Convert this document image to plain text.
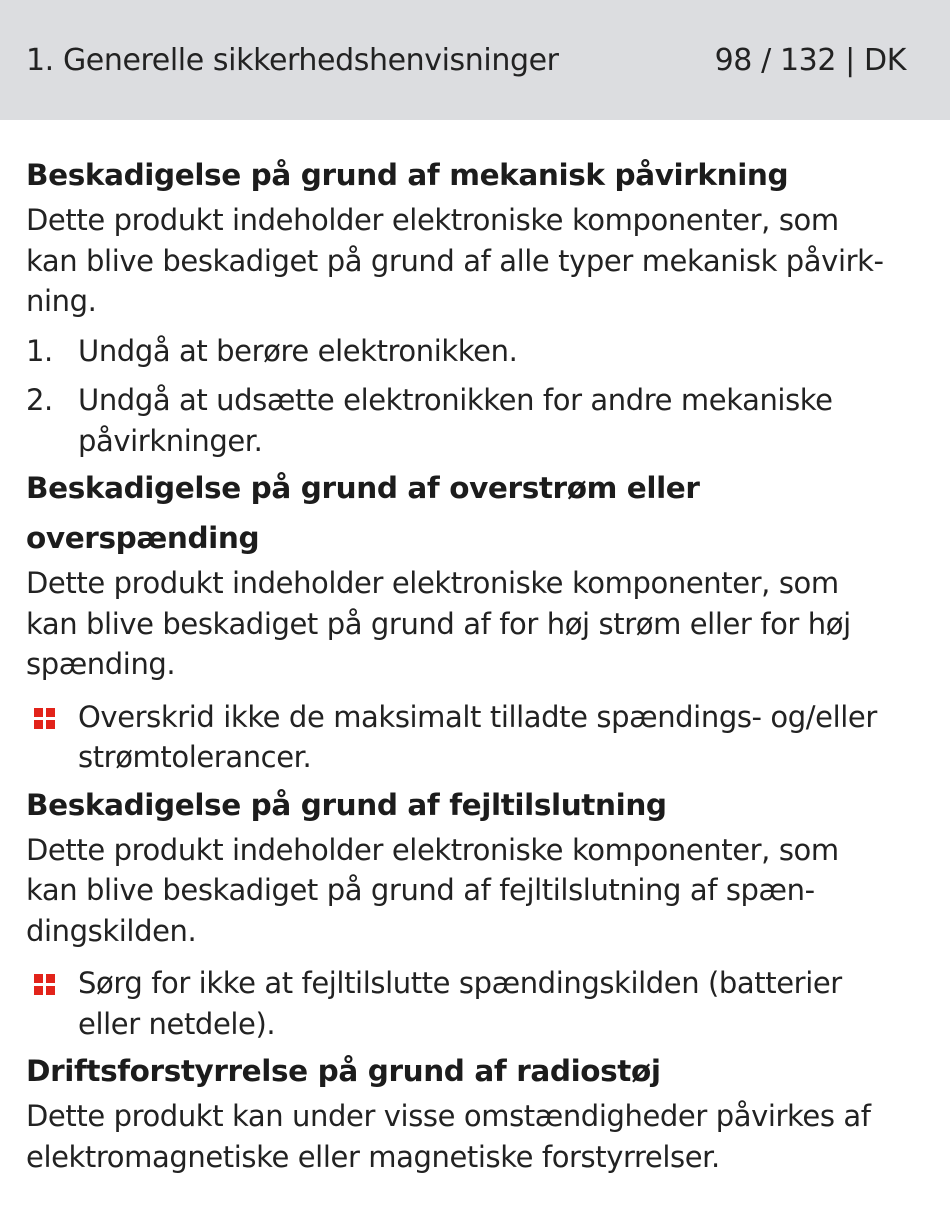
1. Generelle sikkerhedshenvisninger	98 / 132 | DK
Beskadigelse på grund af mekanisk påvirkning

Dette produkt indeholder elektroniske komponenter, som
kan blive beskadiget på grund af alle typer mekanisk påvirk-
ning.

1. Undgå at berøre elektronikken.
2. Undgå at udsætte elektronikken for andre mekaniske
påvirkninger.
Beskadigelse på grund af overstrøm eller overspænding

Dette produkt indeholder elektroniske komponenter, som
kan blive beskadiget på grund af for høj strøm eller for høj
spænding.

Overskrid ikke de maksimalt tilladte spændings- og/eller
strømtolerancer.
Beskadigelse på grund af fejltilslutning

Dette produkt indeholder elektroniske komponenter, som
kan blive beskadiget på grund af fejltilslutning af spæn-
dingskilden.

Sørg for ikke at fejltilslutte spændingskilden (batterier
eller netdele).
Driftsforstyrrelse på grund af radiostøj

Dette produkt kan under visse omstændigheder påvirkes af
elektromagnetiske eller magnetiske forstyrrelser.
